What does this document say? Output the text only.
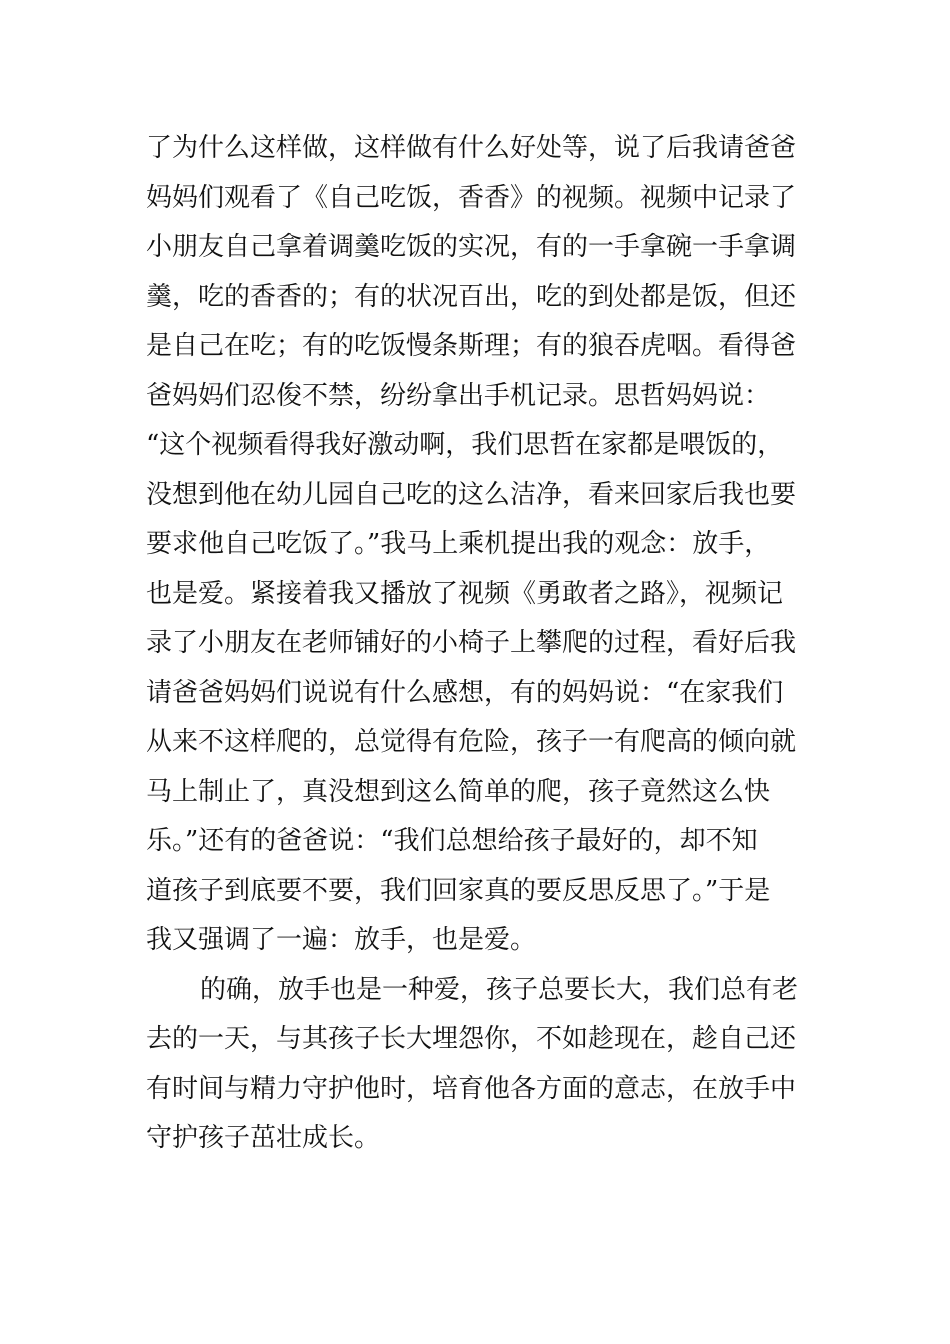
了为什么这样做，这样做有什么好处等，说了后我请爸爸
妈妈们观看了《自己吃饭，香香》的视频。视频中记录了
小朋友自己拿着调羹吃饭的实况，有的一手拿碗一手拿调
羹，吃的香香的；有的状况百出，吃的到处都是饭，但还
是自己在吃；有的吃饭慢条斯理；有的狼吞虎咽。看得爸
爸妈妈们忍俊不禁，纷纷拿出手机记录。思哲妈妈说：
“这个视频看得我好激动啊，我们思哲在家都是喂饭的，
没想到他在幼儿园自己吃的这么洁净，看来回家后我也要
要求他自己吃饭了。”我马上乘机提出我的观念：放手，
也是爱。紧接着我又播放了视频《勇敢者之路》，视频记
录了小朋友在老师铺好的小椅子上攀爬的过程，看好后我
请爸爸妈妈们说说有什么感想，有的妈妈说：“在家我们
从来不这样爬的，总觉得有危险，孩子一有爬高的倾向就
马上制止了，真没想到这么简单的爬，孩子竟然这么快
乐。”还有的爸爸说：“我们总想给孩子最好的，却不知
道孩子到底要不要，我们回家真的要反思反思了。”于是
我又强调了一遍：放手，也是爱。
的确，放手也是一种爱，孩子总要长大，我们总有老
去的一天，与其孩子长大埋怨你，不如趁现在，趁自己还
有时间与精力守护他时，培育他各方面的意志，在放手中
守护孩子茁壮成长。
